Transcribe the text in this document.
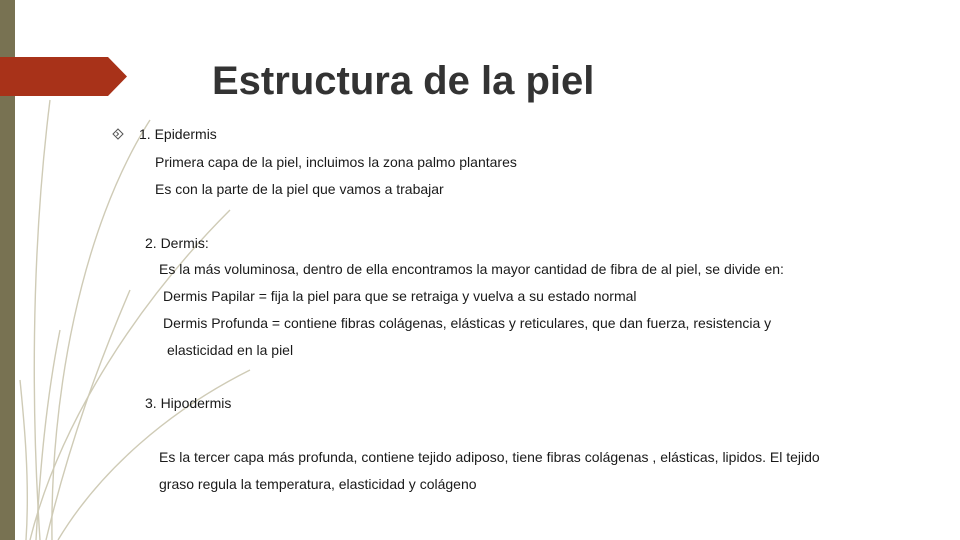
Estructura de la piel
1. Epidermis
Primera capa de la piel, incluimos la zona palmo plantares
Es con la parte de la piel que vamos a trabajar
2. Dermis:
Es la más voluminosa, dentro de ella encontramos la mayor cantidad de fibra de al piel, se divide en:
Dermis Papilar = fija la piel para que se retraiga y vuelva a su estado normal
Dermis Profunda = contiene fibras colágenas, elásticas y reticulares, que dan fuerza, resistencia y
elasticidad en la piel
3. Hipodermis
Es la tercer capa más profunda, contiene tejido adiposo, tiene fibras colágenas , elásticas, lipidos. El tejido
graso regula la temperatura, elasticidad y colágeno
